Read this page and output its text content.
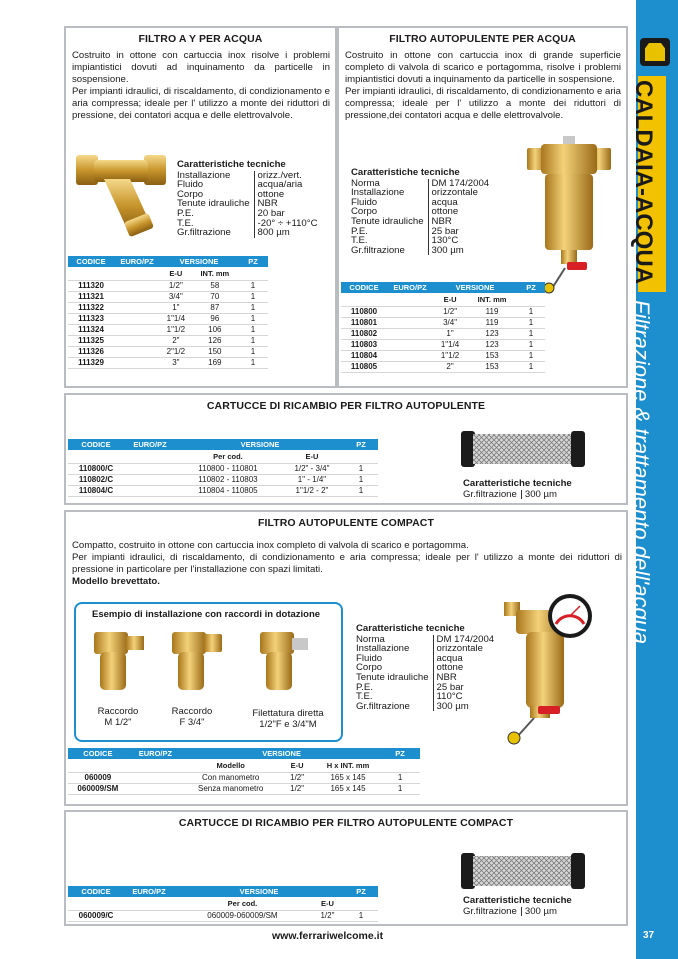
CALDAIA-ACQUA
Filtrazione & trattamento dell'acqua
37
www.ferrariwelcome.it
FILTRO A Y PER ACQUA

Costruito in ottone con cartuccia inox risolve i problemi impiantistici dovuti ad inquinamento da particelle in sospensione.

Per impianti idraulici, di riscaldamento, di condizionamento e aria compressa; ideale per l' utilizzo a monte dei riduttori di pressione, dei contatori acqua e delle elettrovalvole.

Caratteristiche tecniche
Installazione	orizz./vert.
Fluido	acqua/aria
Corpo	ottone
Tenute idrauliche	NBR
P.E.	20 bar
T.E.	-20° ÷ +110°C
Gr.filtrazione	800 µm
CODICE	EURO/PZ	VERSIONE		PZ
		E-U	INT. mm	
111320		1/2"	58	1
111321		3/4"	70	1
111322		1"	87	1
111323		1"1/4	96	1
111324		1"1/2	106	1
111325		2"	126	1
111326		2"1/2	150	1
111329		3"	169	1
FILTRO AUTOPULENTE PER ACQUA

Costruito in ottone con cartuccia inox di grande superficie completo di valvola di scarico e portagomma, risolve i problemi impiantistici dovuti a inquinamento da particelle in sospensione.

Per impianti idraulici, di riscaldamento, di condizionamento e aria compressa; ideale per l' utilizzo a monte dei riduttori di pressione,dei contatori acqua e delle elettrovalvole.

Caratteristiche tecniche
Norma	DM 174/2004
Installazione	orizzontale
Fluido	acqua
Corpo	ottone
Tenute idrauliche	NBR
P.E.	25 bar
T.E.	130°C
Gr.filtrazione	300 µm
CODICE	EURO/PZ	VERSIONE		PZ
		E-U	INT. mm	
110800		1/2"	119	1
110801		3/4"	119	1
110802		1"	123	1
110803		1"1/4	123	1
110804		1"1/2	153	1
110805		2"	153	1
CARTUCCE DI RICAMBIO PER FILTRO AUTOPULENTE
CODICE	EURO/PZ	VERSIONE		PZ
		Per cod.	E-U	
110800/C		110800 - 110801	1/2" - 3/4"	1
110802/C		110802 - 110803	1" - 1/4"	1
110804/C		110804 - 110805	1"1/2 - 2"	1
Caratteristiche tecniche
Gr.filtrazione	300 µm
FILTRO AUTOPULENTE COMPACT

Compatto, costruito in ottone con cartuccia inox completo di valvola di scarico e portagomma.

Per impianti idraulici, di riscaldamento, di condizionamento e aria compressa; ideale per l' utilizzo a monte dei riduttori di pressione in particolare per l'installazione con spazi limitati.

Modello brevettato.

Caratteristiche tecniche
Norma	DM 174/2004
Installazione	orizzontale
Fluido	acqua
Corpo	ottone
Tenute idrauliche	NBR
P.E.	25 bar
T.E.	110°C
Gr.filtrazione	300 µm
CODICE	EURO/PZ	VERSIONE			PZ
		Modello	E-U	H x INT. mm	
060009		Con manometro	1/2"	165 x 145	1
060009/SM		Senza manometro	1/2"	165 x 145	1
Esempio di installazione con raccordi in dotazione
Raccordo
M 1/2"
Raccordo
F 3/4"
Filettatura diretta
1/2"F e 3/4"M
CARTUCCE DI RICAMBIO PER FILTRO AUTOPULENTE COMPACT
CODICE	EURO/PZ	VERSIONE		PZ
		Per cod.	E-U	
060009/C		060009-060009/SM	1/2"	1
Caratteristiche tecniche
Gr.filtrazione	300 µm
